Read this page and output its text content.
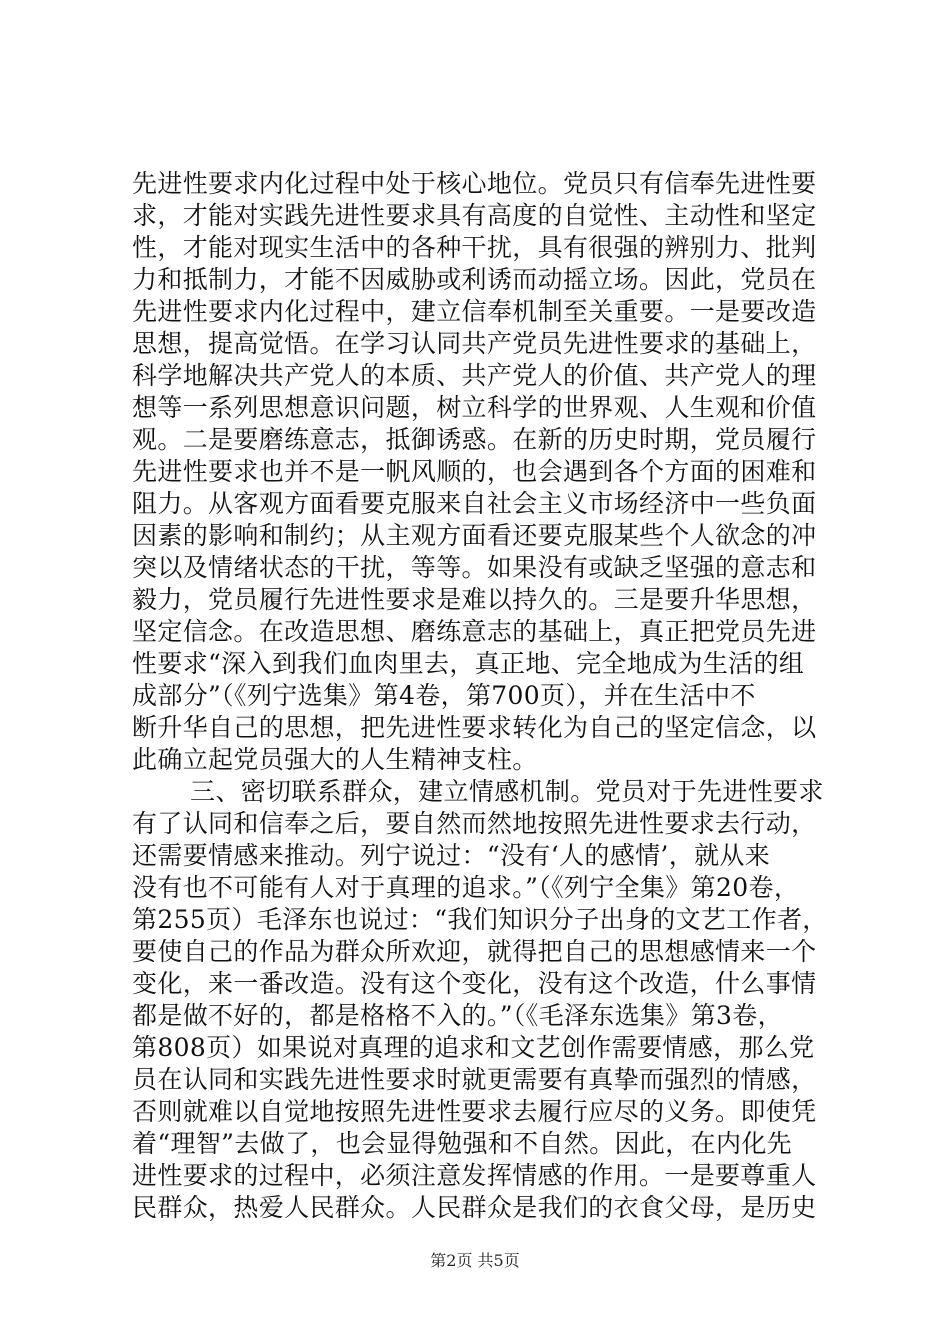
先进性要求内化过程中处于核心地位。党员只有信奉先进性要
求，才能对实践先进性要求具有高度的自觉性、主动性和坚定
性，才能对现实生活中的各种干扰，具有很强的辨别力、批判
力和抵制力，才能不因威胁或利诱而动摇立场。因此，党员在
先进性要求内化过程中，建立信奉机制至关重要。一是要改造
思想，提高觉悟。在学习认同共产党员先进性要求的基础上，
科学地解决共产党人的本质、共产党人的价值、共产党人的理
想等一系列思想意识问题，树立科学的世界观、人生观和价值
观。二是要磨练意志，抵御诱惑。在新的历史时期，党员履行
先进性要求也并不是一帆风顺的，也会遇到各个方面的困难和
阻力。从客观方面看要克服来自社会主义市场经济中一些负面
因素的影响和制约；从主观方面看还要克服某些个人欲念的冲
突以及情绪状态的干扰，等等。如果没有或缺乏坚强的意志和
毅力，党员履行先进性要求是难以持久的。三是要升华思想，
坚定信念。在改造思想、磨练意志的基础上，真正把党员先进
性要求“深入到我们血肉里去，真正地、完全地成为生活的组
成部分”（《列宁选集》第4卷，第700页），并在生活中不
断升华自己的思想，把先进性要求转化为自己的坚定信念，以
此确立起党员强大的人生精神支柱。
三、密切联系群众，建立情感机制。党员对于先进性要求
有了认同和信奉之后，要自然而然地按照先进性要求去行动，
还需要情感来推动。列宁说过：“没有‘人的感情’，就从来
没有也不可能有人对于真理的追求。”（《列宁全集》第20卷，
第255页）毛泽东也说过：“我们知识分子出身的文艺工作者，
要使自己的作品为群众所欢迎，就得把自己的思想感情来一个
变化，来一番改造。没有这个变化，没有这个改造，什么事情
都是做不好的，都是格格不入的。”（《毛泽东选集》第3卷，
第808页）如果说对真理的追求和文艺创作需要情感，那么党
员在认同和实践先进性要求时就更需要有真挚而强烈的情感，
否则就难以自觉地按照先进性要求去履行应尽的义务。即使凭
着“理智”去做了，也会显得勉强和不自然。因此，在内化先
进性要求的过程中，必须注意发挥情感的作用。一是要尊重人
民群众，热爱人民群众。人民群众是我们的衣食父母，是历史
第2页 共5页
